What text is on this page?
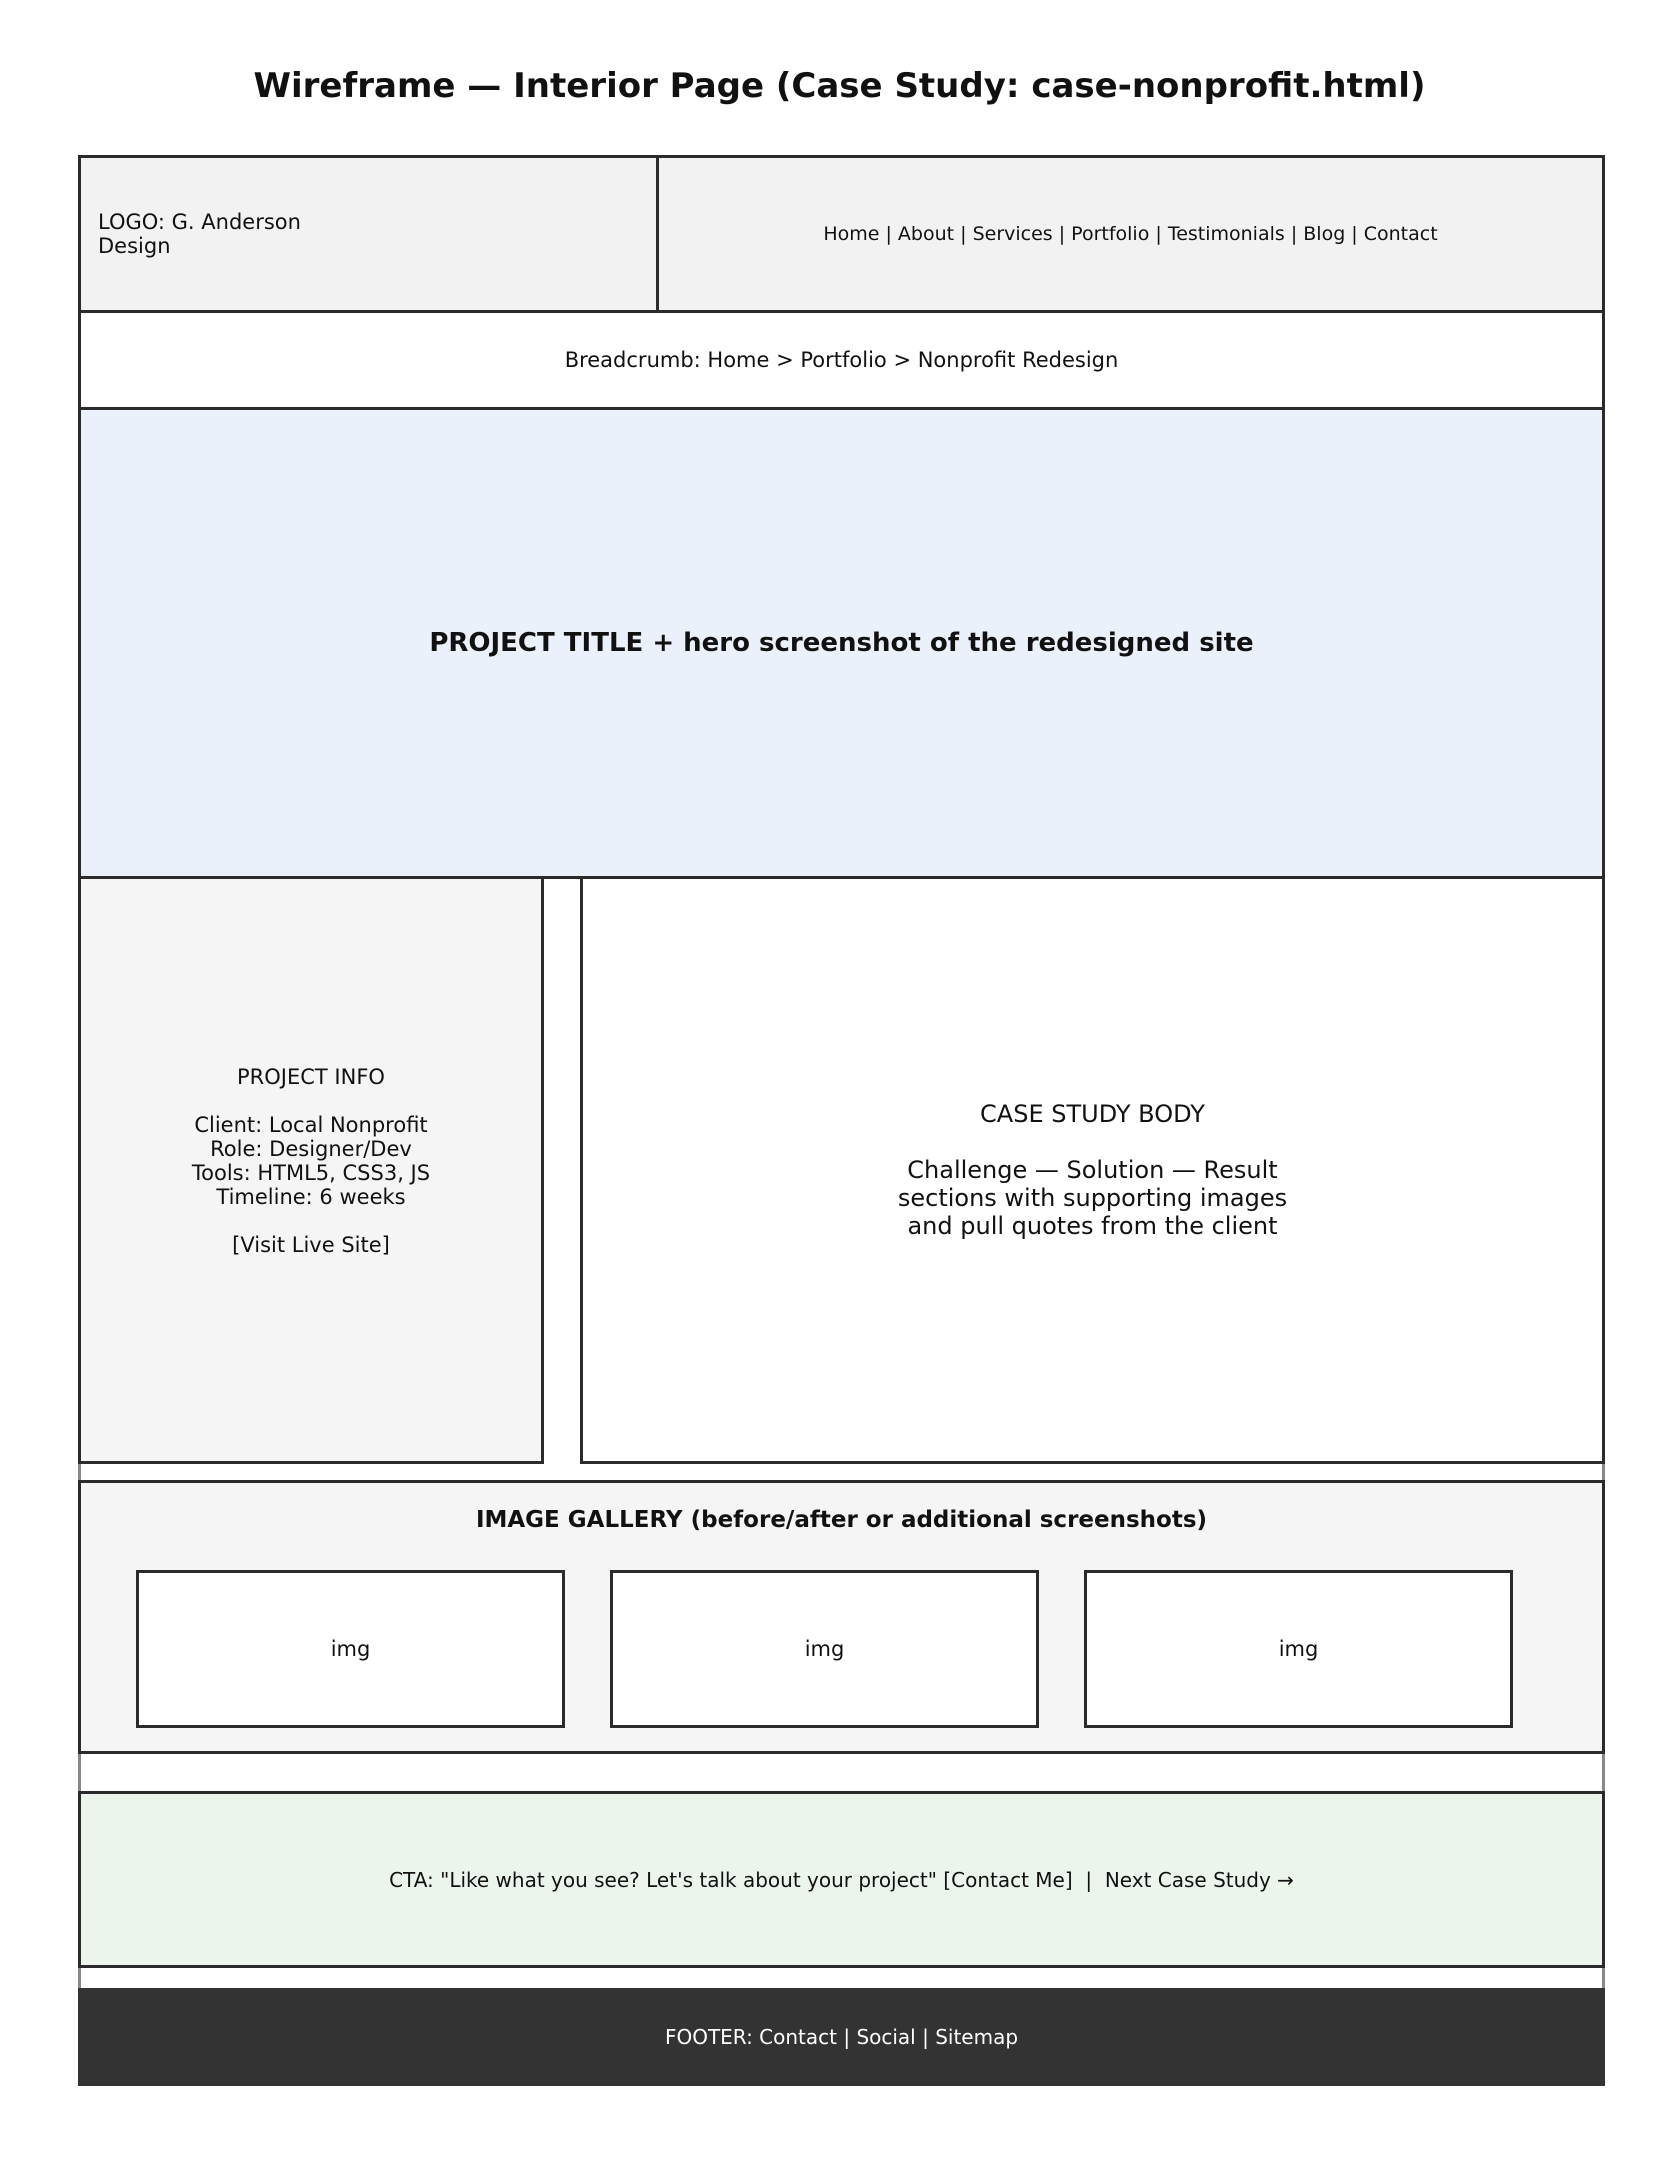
Wireframe — Interior Page (Case Study: case-nonprofit.html)
LOGO: G. Anderson Design	Home | About | Services | Portfolio | Testimonials | Blog | Contact
Breadcrumb: Home > Portfolio > Nonprofit Redesign
PROJECT TITLE + hero screenshot of the redesigned site
PROJECT INFO
Client: Local Nonprofit
Role: Designer/Dev
Tools: HTML5, CSS3, JS
Timeline: 6 weeks
[Visit Live Site]
CASE STUDY BODY
Challenge — Solution — Result
sections with supporting images
and pull quotes from the client
IMAGE GALLERY (before/after or additional screenshots)
img	img	img
CTA: "Like what you see? Let's talk about your project" [Contact Me]  |  Next Case Study →
FOOTER: Contact | Social | Sitemap
